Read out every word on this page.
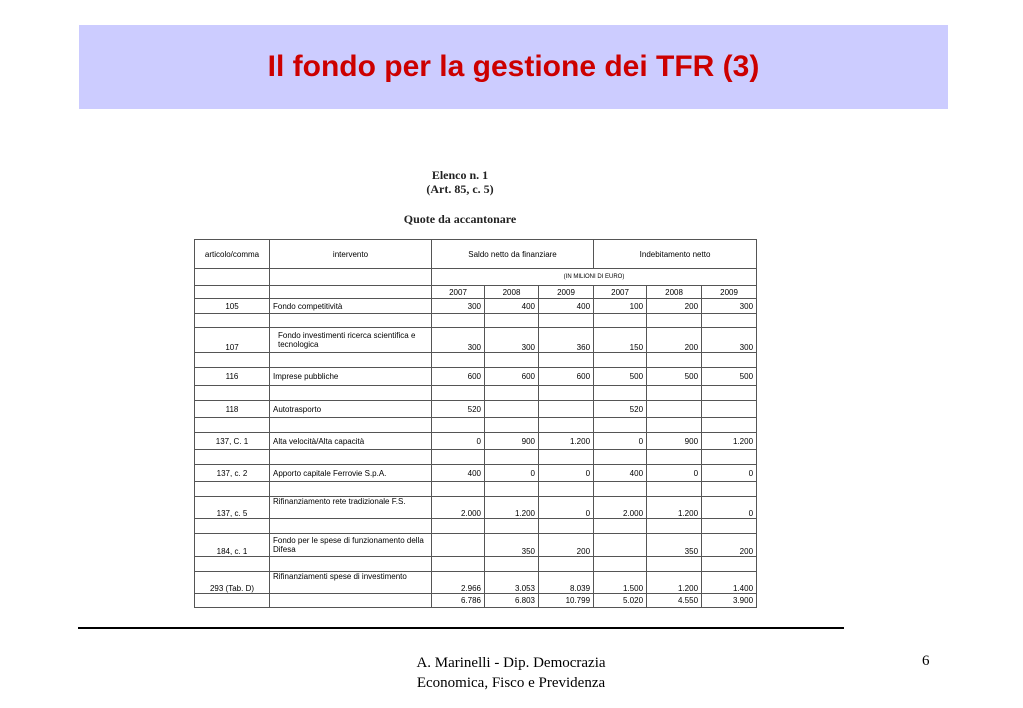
Il fondo per la gestione dei TFR (3)
Elenco n. 1
(Art. 85, c. 5)
Quote da accantonare
articolo/comma	intervento	Saldo netto da finanziare			Indebitamento netto		
		(IN MILIONI DI EURO)					
		2007	2008	2009	2007	2008	2009
105	Fondo competitività	300	400	400	100	200	300

107	Fondo investimenti ricerca scientifica e tecnologica	300	300	360	150	200	300

116	Imprese pubbliche	600	600	600	500	500	500

118	Autotrasporto	520			520		

137, C. 1	Alta velocità/Alta capacità	0	900	1.200	0	900	1.200

137, c. 2	Apporto capitale Ferrovie S.p.A.	400	0	0	400	0	0

137, c. 5	Rifinanziamento rete tradizionale F.S.	2.000	1.200	0	2.000	1.200	0

184, c. 1	Fondo per le spese di funzionamento della Difesa		350	200		350	200

293 (Tab. D)	Rifinanziamenti spese di investimento	2.966	3.053	8.039	1.500	1.200	1.400
		6.786	6.803	10.799	5.020	4.550	3.900
A. Marinelli - Dip. Democrazia
Economica, Fisco e Previdenza
6
